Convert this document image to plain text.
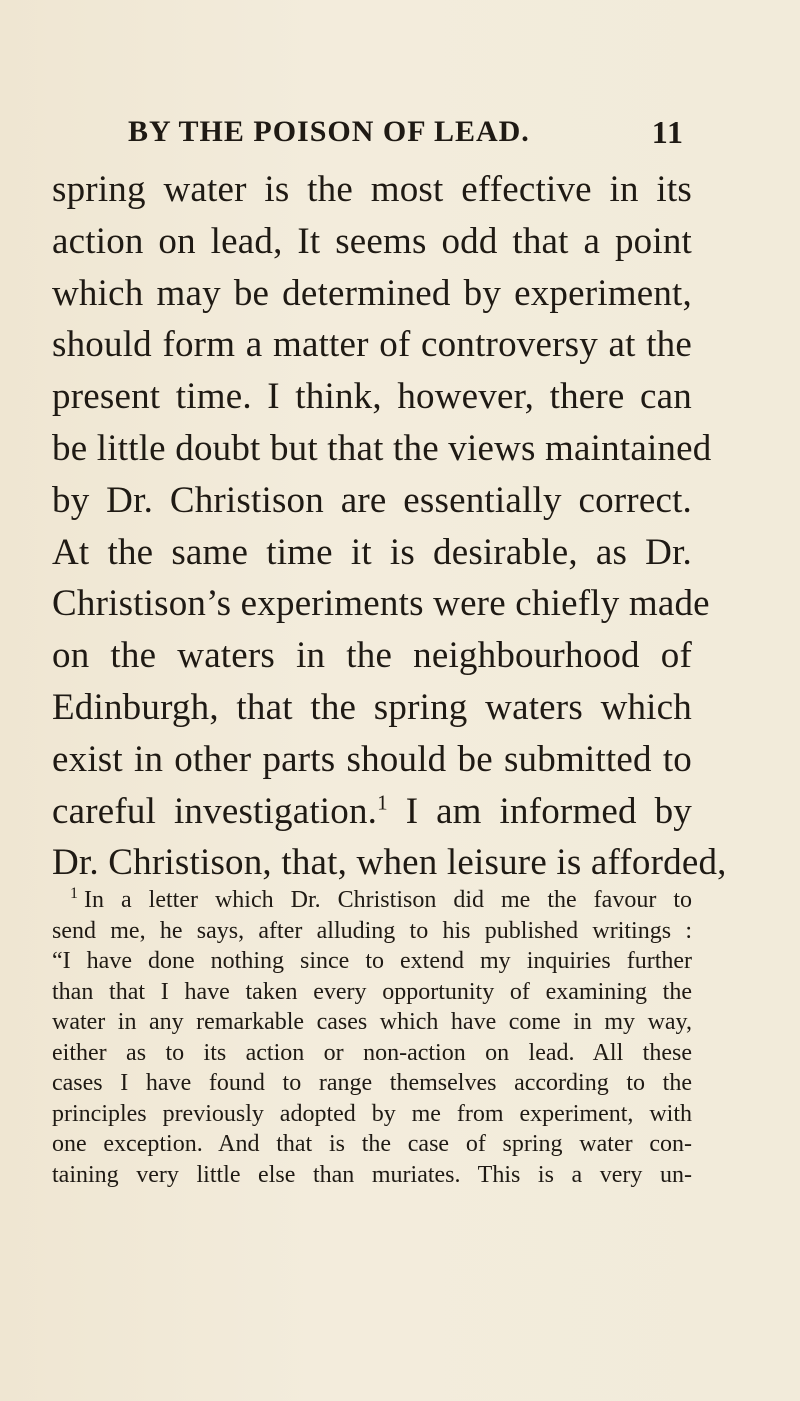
BY THE POISON OF LEAD.	11
spring water is the most effective in its
action on lead, It seems odd that a point
which may be determined by experiment,
should form a matter of controversy at the
present time. I think, however, there can
be little doubt but that the views maintained
by Dr. Christison are essentially correct.
At the same time it is desirable, as Dr.
Christison’s experiments were chiefly made
on the waters in the neighbourhood of
Edinburgh, that the spring waters which
exist in other parts should be submitted to
careful investigation.$^1$ I am informed by
Dr. Christison, that, when leisure is afforded,
$^1$ In a letter which Dr. Christison did me the favour to
send me, he says, after alluding to his published writings :
“I have done nothing since to extend my inquiries further
than that I have taken every opportunity of examining the
water in any remarkable cases which have come in my way,
either as to its action or non-action on lead. All these
cases I have found to range themselves according to the
principles previously adopted by me from experiment, with
one exception. And that is the case of spring water con-
taining very little else than muriates. This is a very un-
